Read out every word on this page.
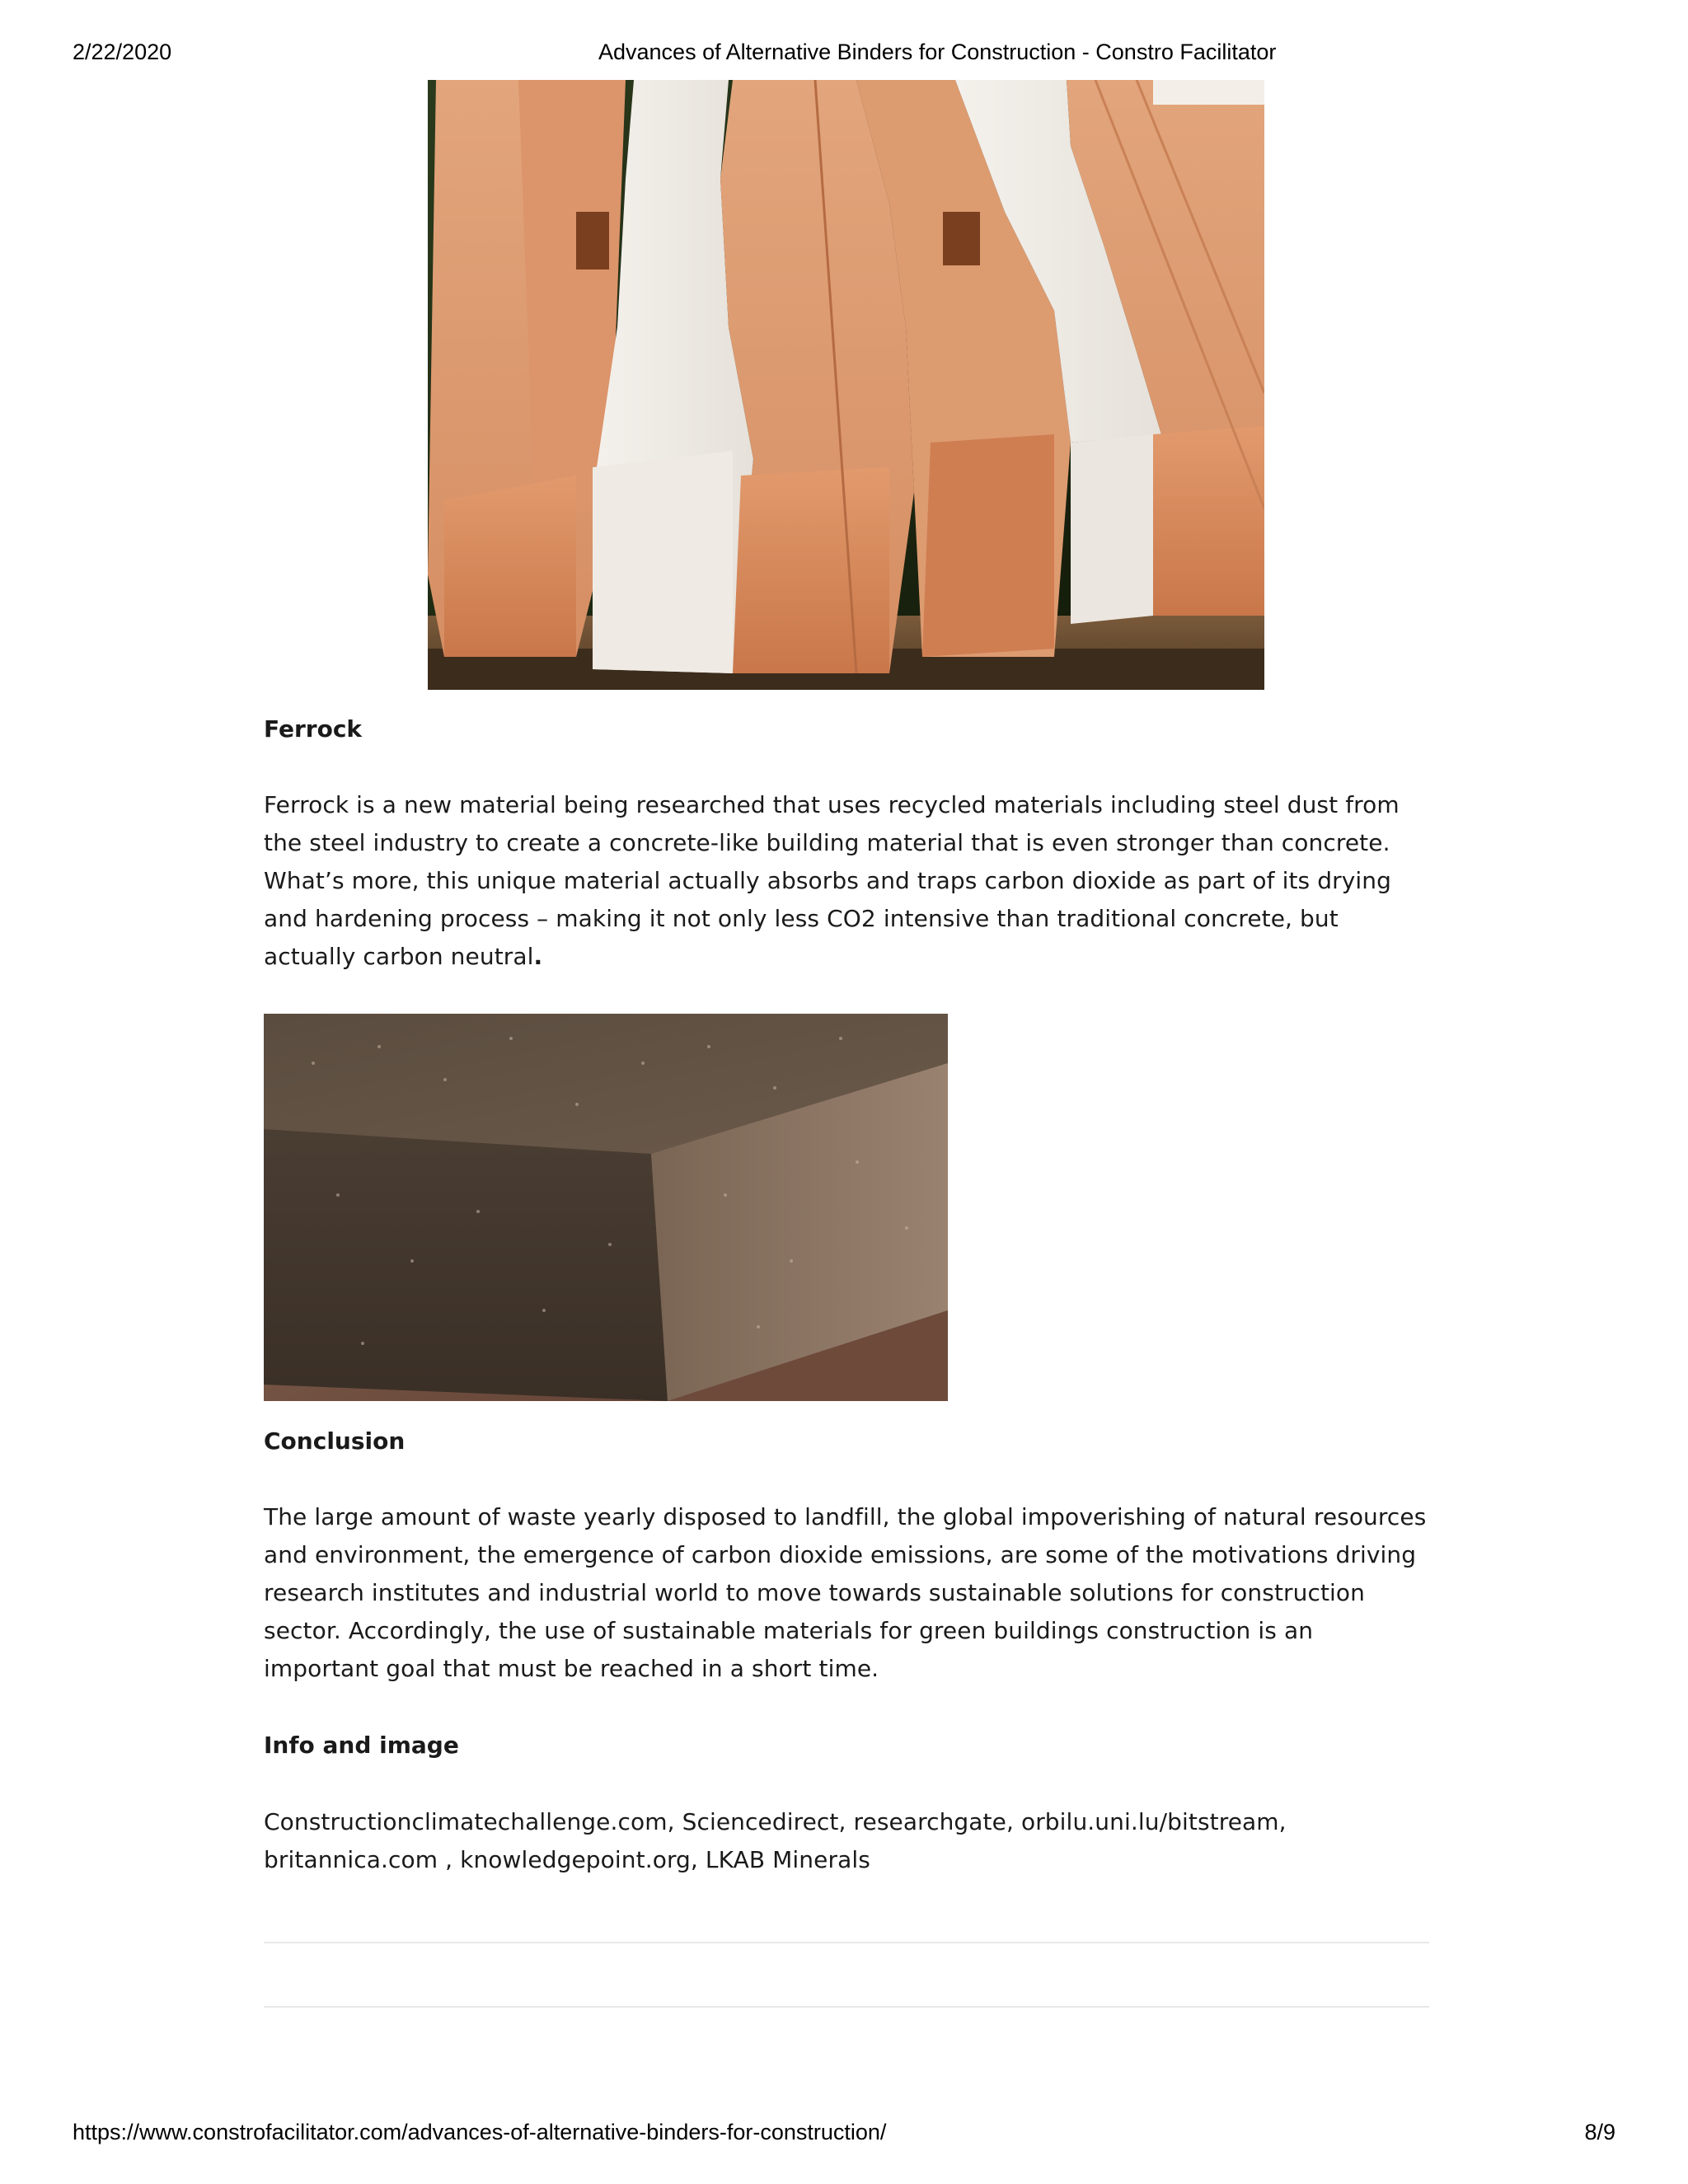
2/22/2020	Advances of Alternative Binders for Construction - Constro Facilitator
Ferrock

Ferrock is a new material being researched that uses recycled materials including steel dust from the steel industry to create a concrete-like building material that is even stronger than concrete. What’s more, this unique material actually absorbs and traps carbon dioxide as part of its drying and hardening process – making it not only less CO2 intensive than traditional concrete, but actually carbon neutral.

Conclusion

The large amount of waste yearly disposed to landfill, the global impoverishing of natural resources and environment, the emergence of carbon dioxide emissions, are some of the motivations driving research institutes and industrial world to move towards sustainable solutions for construction sector. Accordingly, the use of sustainable materials for green buildings construction is an important goal that must be reached in a short time.

Info and image

Constructionclimatechallenge.com, Sciencedirect, researchgate, orbilu.uni.lu/bitstream, britannica.com , knowledgepoint.org, LKAB Minerals

https://www.constrofacilitator.com/advances-of-alternative-binders-for-construction/	8/9
